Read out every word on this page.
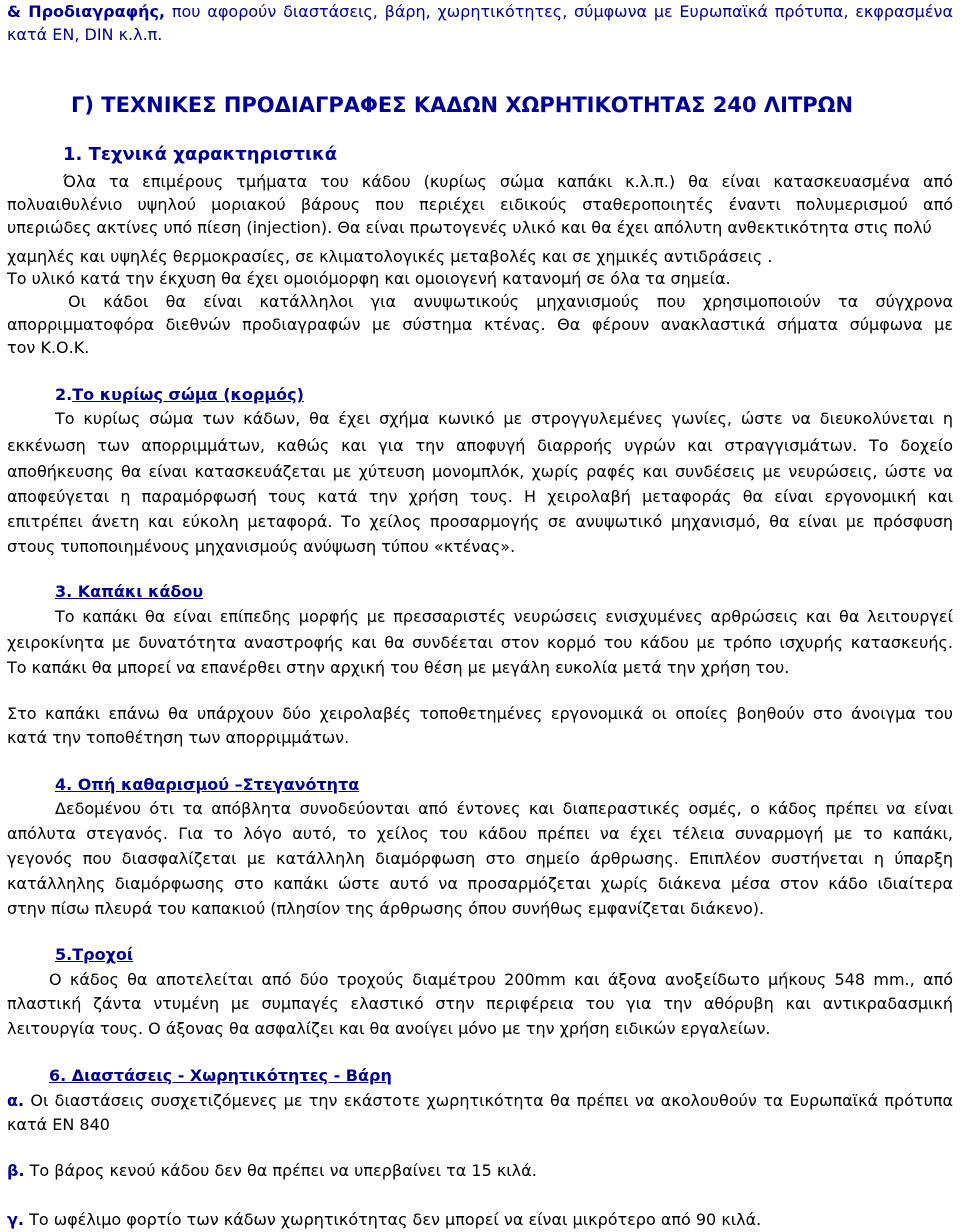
& Προδιαγραφής, που αφορούν διαστάσεις, βάρη, χωρητικότητες, σύμφωνα με Ευρωπαϊκά πρότυπα, εκφρασμένα
κατά EN, DIN κ.λ.π.
Γ) ΤΕΧΝΙΚΕΣ ΠΡΟΔΙΑΓΡΑΦΕΣ ΚΑΔΩΝ ΧΩΡΗΤΙΚΟΤΗΤΑΣ 240 ΛΙΤΡΩΝ
1. Τεχνικά χαρακτηριστικά
Όλα τα επιμέρους τμήματα του κάδου (κυρίως σώμα καπάκι κ.λ.π.) θα είναι κατασκευασμένα από
πολυαιθυλένιο υψηλού μοριακού βάρους που περιέχει ειδικούς σταθεροποιητές έναντι πολυμερισμού από
υπεριώδες ακτίνες υπό πίεση (injection). Θα είναι πρωτογενές υλικό και θα έχει απόλυτη ανθεκτικότητα στις πολύ
χαμηλές και υψηλές θερμοκρασίες, σε κλιματολογικές μεταβολές και σε χημικές αντιδράσεις .
Το υλικό κατά την έκχυση θα έχει ομοιόμορφη και ομοιογενή κατανομή σε όλα τα σημεία.
Οι κάδοι θα είναι κατάλληλοι για ανυψωτικούς μηχανισμούς που χρησιμοποιούν τα σύγχρονα
απορριμματοφόρα διεθνών προδιαγραφών με σύστημα κτένας. Θα φέρουν ανακλαστικά σήματα σύμφωνα με
τον Κ.Ο.Κ.
2.Το κυρίως σώμα (κορμός)
Το κυρίως σώμα των κάδων, θα έχει σχήμα κωνικό με στρογγυλεμένες γωνίες, ώστε να διευκολύνεται η
εκκένωση των απορριμμάτων, καθώς και για την αποφυγή διαρροής υγρών και στραγγισμάτων. Το δοχείο
αποθήκευσης θα είναι κατασκευάζεται με χύτευση μονομπλόκ, χωρίς ραφές και συνδέσεις με νευρώσεις, ώστε να
αποφεύγεται η παραμόρφωσή τους κατά την χρήση τους. Η χειρολαβή μεταφοράς θα είναι εργονομική και
επιτρέπει άνετη και εύκολη μεταφορά. Το χείλος προσαρμογής σε ανυψωτικό μηχανισμό, θα είναι με πρόσφυση
στους τυποποιημένους μηχανισμούς ανύψωση τύπου «κτένας».
3. Καπάκι κάδου
Το καπάκι θα είναι επίπεδης μορφής με πρεσσαριστές νευρώσεις ενισχυμένες αρθρώσεις και θα λειτουργεί
χειροκίνητα με δυνατότητα αναστροφής και θα συνδέεται στον κορμό του κάδου με τρόπο ισχυρής κατασκευής.
Το καπάκι θα μπορεί να επανέρθει στην αρχική του θέση με μεγάλη ευκολία μετά την χρήση του.
Στο καπάκι επάνω θα υπάρχουν δύο χειρολαβές τοποθετημένες εργονομικά οι οποίες βοηθούν στο άνοιγμα του
κατά την τοποθέτηση των απορριμμάτων.
4. Οπή καθαρισμού –Στεγανότητα
Δεδομένου ότι τα απόβλητα συνοδεύονται από έντονες και διαπεραστικές οσμές, ο κάδος πρέπει να είναι
απόλυτα στεγανός. Για το λόγο αυτό, το χείλος του κάδου πρέπει να έχει τέλεια συναρμογή με το καπάκι,
γεγονός που διασφαλίζεται με κατάλληλη διαμόρφωση στο σημείο άρθρωσης. Επιπλέον συστήνεται η ύπαρξη
κατάλληλης διαμόρφωσης στο καπάκι ώστε αυτό να προσαρμόζεται χωρίς διάκενα μέσα στον κάδο ιδιαίτερα
στην πίσω πλευρά του καπακιού (πλησίον της άρθρωσης όπου συνήθως εμφανίζεται διάκενο).
5.Τροχοί
Ο κάδος θα αποτελείται από δύο τροχούς διαμέτρου 200mm και άξονα ανοξείδωτο μήκους 548 mm., από
πλαστική ζάντα ντυμένη με συμπαγές ελαστικό στην περιφέρεια του για την αθόρυβη και αντικραδασμική
λειτουργία τους. Ο άξονας θα ασφαλίζει και θα ανοίγει μόνο με την χρήση ειδικών εργαλείων.
6. Διαστάσεις - Χωρητικότητες - Βάρη
α. Οι διαστάσεις συσχετιζόμενες με την εκάστοτε χωρητικότητα θα πρέπει να ακολουθούν τα Ευρωπαϊκά πρότυπα
κατά EN 840
β. Το βάρος κενού κάδου δεν θα πρέπει να υπερβαίνει τα 15 κιλά.
γ. Το ωφέλιμο φορτίο των κάδων χωρητικότητας δεν μπορεί να είναι μικρότερο από 90 κιλά.
